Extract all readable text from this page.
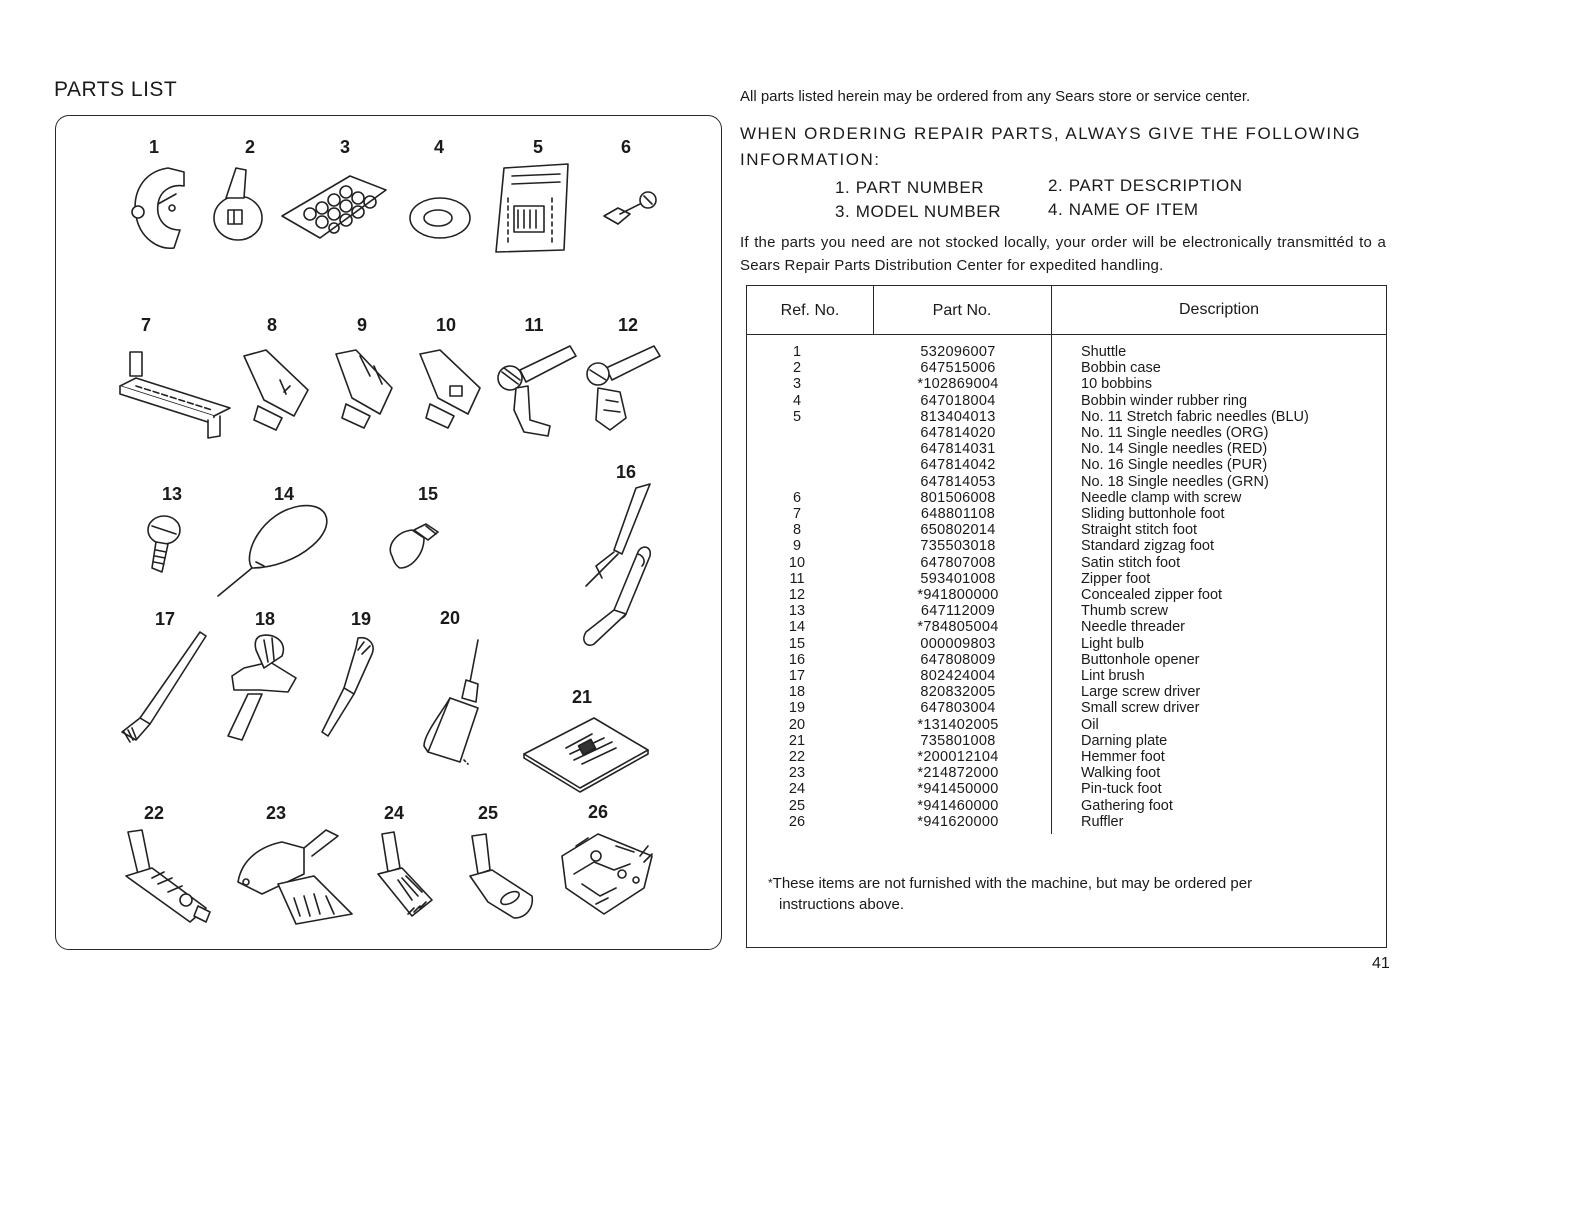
PARTS LIST
1	2	3	4	5	6
7	8	9	10	11	12
13	14	15
16
17	18	19	20
21
22	23	24	25	26
All parts listed herein may be ordered from any Sears store or service center.
WHEN ORDERING REPAIR PARTS, ALWAYS GIVE THE FOLLOWING INFORMATION:
1. PART NUMBER	2. PART DESCRIPTION
3. MODEL NUMBER	4. NAME OF ITEM
If the parts you need are not stocked locally, your order will be electronically transmittéd to a Sears Repair Parts Distribution Center for expedited handling.
Ref. No.	Part No.	Description
1	532096007	Shuttle
2	647515006	Bobbin case
3	*102869004	10 bobbins
4	647018004	Bobbin winder rubber ring
5	813404013	No. 11 Stretch fabric needles (BLU)
647814020	No. 11 Single needles (ORG)
647814031	No. 14 Single needles (RED)
647814042	No. 16 Single needles (PUR)
647814053	No. 18 Single needles (GRN)
6	801506008	Needle clamp with screw
7	648801108	Sliding buttonhole foot
8	650802014	Straight stitch foot
9	735503018	Standard zigzag foot
10	647807008	Satin stitch foot
11	593401008	Zipper foot
12	*941800000	Concealed zipper foot
13	647112009	Thumb screw
14	*784805004	Needle threader
15	000009803	Light bulb
16	647808009	Buttonhole opener
17	802424004	Lint brush
18	820832005	Large screw driver
19	647803004	Small screw driver
20	*131402005	Oil
21	735801008	Darning plate
22	*200012104	Hemmer foot
23	*214872000	Walking foot
24	*941450000	Pin-tuck foot
25	*941460000	Gathering foot
26	*941620000	Ruffler
*These items are not furnished with the machine, but may be ordered per
instructions above.
41
